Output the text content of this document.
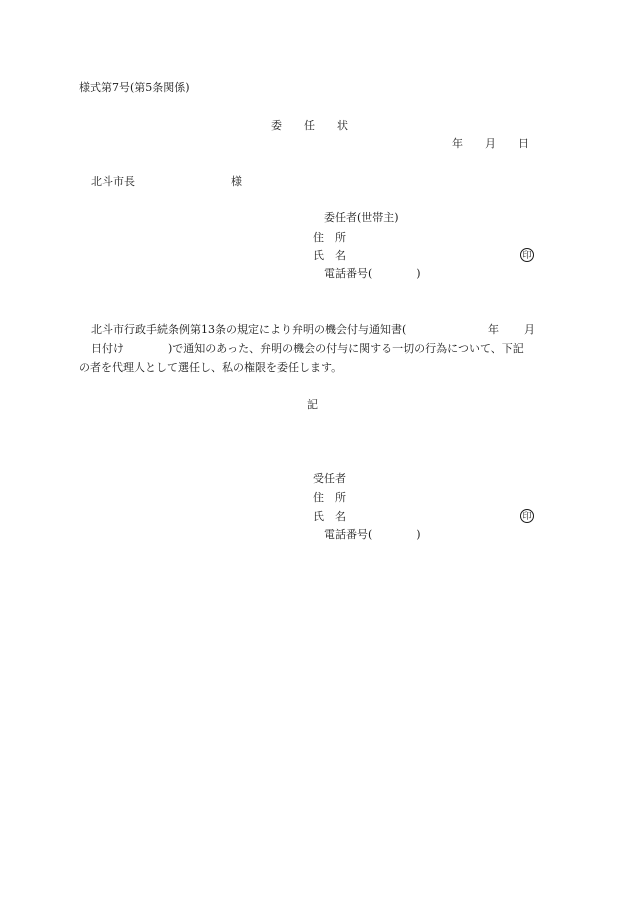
様式第7号(第5条関係)
委　　任　　状
年　　月　　日
北斗市長	様
委任者(世帯主)
住　所
氏　名	印
電話番号(　　　　)
北斗市行政手続条例第13条の規定により弁明の機会付与通知書(	年 月
日付け　　　　)で通知のあった、弁明の機会の付与に関する一切の行為について、下記
の者を代理人として選任し、私の権限を委任します。
記
受任者
住　所
氏　名	印
電話番号(　　　　)
